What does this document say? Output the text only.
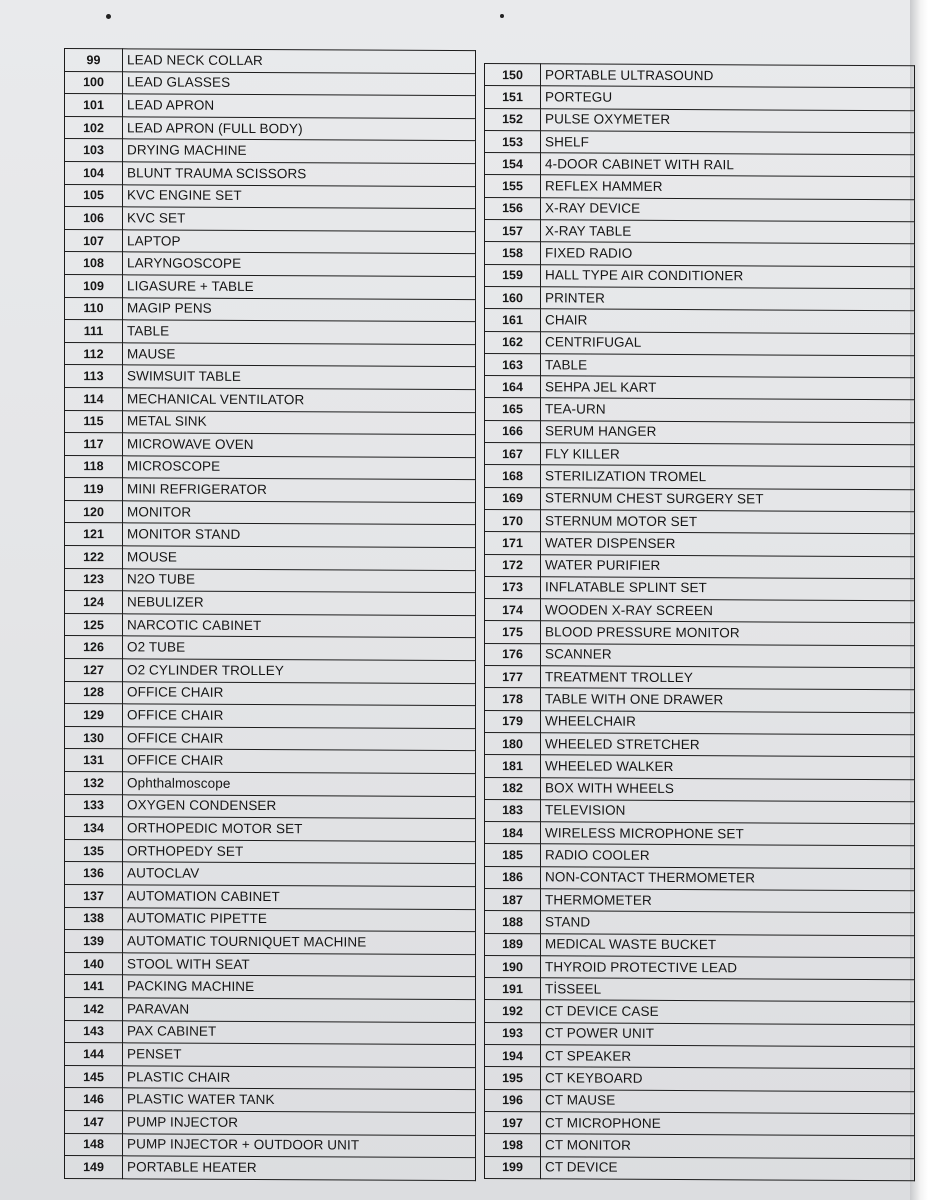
99	LEAD NECK COLLAR
100	LEAD GLASSES
101	LEAD APRON
102	LEAD APRON (FULL BODY)
103	DRYING MACHINE
104	BLUNT TRAUMA SCISSORS
105	KVC ENGINE SET
106	KVC SET
107	LAPTOP
108	LARYNGOSCOPE
109	LIGASURE + TABLE
110	MAGIP PENS
111	TABLE
112	MAUSE
113	SWIMSUIT TABLE
114	MECHANICAL VENTILATOR
115	METAL SINK
117	MICROWAVE OVEN
118	MICROSCOPE
119	MINI REFRIGERATOR
120	MONITOR
121	MONITOR STAND
122	MOUSE
123	N2O TUBE
124	NEBULIZER
125	NARCOTIC CABINET
126	O2 TUBE
127	O2 CYLINDER TROLLEY
128	OFFICE CHAIR
129	OFFICE CHAIR
130	OFFICE CHAIR
131	OFFICE CHAIR
132	Ophthalmoscope
133	OXYGEN CONDENSER
134	ORTHOPEDIC MOTOR SET
135	ORTHOPEDY SET
136	AUTOCLAV
137	AUTOMATION CABINET
138	AUTOMATIC PIPETTE
139	AUTOMATIC TOURNIQUET MACHINE
140	STOOL WITH SEAT
141	PACKING MACHINE
142	PARAVAN
143	PAX CABINET
144	PENSET
145	PLASTIC CHAIR
146	PLASTIC WATER TANK
147	PUMP INJECTOR
148	PUMP INJECTOR + OUTDOOR UNIT
149	PORTABLE HEATER
150	PORTABLE ULTRASOUND
151	PORTEGU
152	PULSE OXYMETER
153	SHELF
154	4-DOOR CABINET WITH RAIL
155	REFLEX HAMMER
156	X-RAY DEVICE
157	X-RAY TABLE
158	FIXED RADIO
159	HALL TYPE AIR CONDITIONER
160	PRINTER
161	CHAIR
162	CENTRIFUGAL
163	TABLE
164	SEHPA JEL KART
165	TEA-URN
166	SERUM HANGER
167	FLY KILLER
168	STERILIZATION TROMEL
169	STERNUM CHEST SURGERY SET
170	STERNUM MOTOR SET
171	WATER DISPENSER
172	WATER PURIFIER
173	INFLATABLE SPLINT SET
174	WOODEN X-RAY SCREEN
175	BLOOD PRESSURE MONITOR
176	SCANNER
177	TREATMENT TROLLEY
178	TABLE WITH ONE DRAWER
179	WHEELCHAIR
180	WHEELED STRETCHER
181	WHEELED WALKER
182	BOX WITH WHEELS
183	TELEVISION
184	WIRELESS MICROPHONE SET
185	RADIO COOLER
186	NON-CONTACT THERMOMETER
187	THERMOMETER
188	STAND
189	MEDICAL WASTE BUCKET
190	THYROID PROTECTIVE LEAD
191	TİSSEEL
192	CT DEVICE CASE
193	CT POWER UNIT
194	CT SPEAKER
195	CT KEYBOARD
196	CT MAUSE
197	CT MICROPHONE
198	CT MONITOR
199	CT DEVICE
